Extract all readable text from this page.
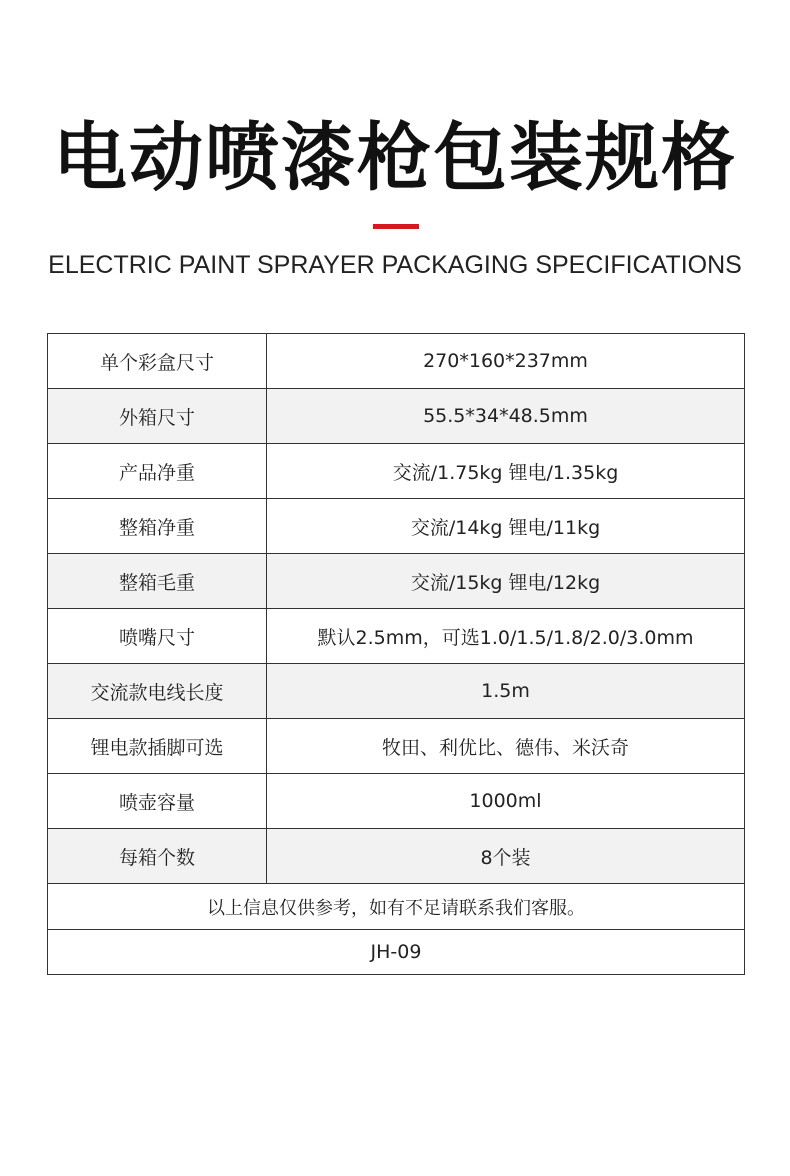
电动喷漆枪包装规格
ELECTRIC PAINT SPRAYER PACKAGING SPECIFICATIONS
单个彩盒尺寸	270*160*237mm
外箱尺寸	55.5*34*48.5mm
产品净重	交流/1.75kg 锂电/1.35kg
整箱净重	交流/14kg 锂电/11kg
整箱毛重	交流/15kg 锂电/12kg
喷嘴尺寸	默认2.5mm，可选1.0/1.5/1.8/2.0/3.0mm
交流款电线长度	1.5m
锂电款插脚可选	牧田、利优比、德伟、米沃奇
喷壶容量	1000ml
每箱个数	8个装
以上信息仅供参考，如有不足请联系我们客服。	
JH-09	
